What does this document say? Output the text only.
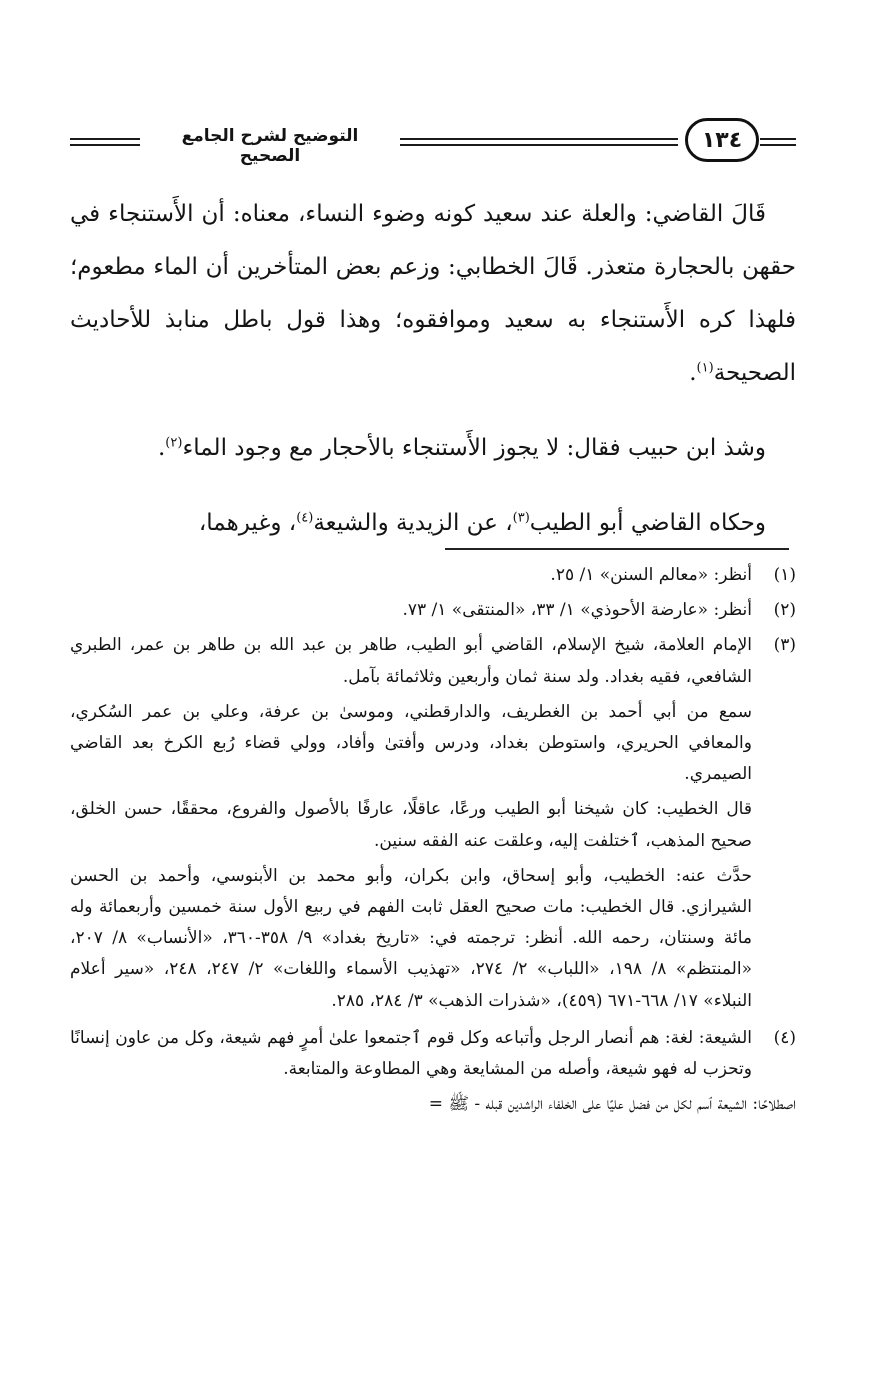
التوضيح لشرح الجامع الصحيح
١٣٤

قَالَ القاضي: والعلة عند سعيد كونه وضوء النساء، معناه: أن الأَستنجاء في حقهن بالحجارة متعذر. قَالَ الخطابي: وزعم بعض المتأخرين أن الماء مطعوم؛ فلهذا كره الأَستنجاء به سعيد وموافقوه؛ وهذا قول باطل منابذ للأحاديث الصحيحة$^{(١)}$.

وشذ ابن حبيب فقال: لا يجوز الأَستنجاء بالأحجار مع وجود الماء$^{(٢)}$.

وحكاه القاضي أبو الطيب$^{(٣)}$، عن الزيدية والشيعة$^{(٤)}$، وغيرهما،

(١)
أنظر: «معالم السنن» ١/ ٢٥.
(٢)
أنظر: «عارضة الأحوذي» ١/ ٣٣، «المنتقى» ١/ ٧٣.
(٣)
الإمام العلامة، شيخ الإسلام، القاضي أبو الطيب، طاهر بن عبد الله بن طاهر بن عمر، الطبري الشافعي، فقيه بغداد. ولد سنة ثمان وأربعين وثلاثمائة بآمل.
سمع من أبي أحمد بن الغطريف، والدارقطني، وموسىٰ بن عرفة، وعلي بن عمر السُكري، والمعافي الحريري، واستوطن بغداد، ودرس وأفتىٰ وأفاد، وولي قضاء رُبع الكرخ بعد القاضي الصيمري.
قال الخطيب: كان شيخنا أبو الطيب ورعًا، عاقلًا، عارفًا بالأصول والفروع، محققًا، حسن الخلق، صحيح المذهب، ٱختلفت إليه، وعلقت عنه الفقه سنين.
حدَّث عنه: الخطيب، وأبو إسحاق، وابن بكران، وأبو محمد بن الأبنوسي، وأحمد بن الحسن الشيرازي. قال الخطيب: مات صحيح العقل ثابت الفهم في ربيع الأول سنة خمسين وأربعمائة وله مائة وسنتان، رحمه الله. أنظر: ترجمته في: «تاريخ بغداد» ٩/ ٣٥٨-٣٦٠، «الأنساب» ٨/ ٢٠٧، «المنتظم» ٨/ ١٩٨، «اللباب» ٢/ ٢٧٤، «تهذيب الأسماء واللغات» ٢/ ٢٤٧، ٢٤٨، «سير أعلام النبلاء» ١٧/ ٦٦٨-٦٧١ (٤٥٩)، «شذرات الذهب» ٣/ ٢٨٤، ٢٨٥.
(٤)
الشيعة: لغة: هم أنصار الرجل وأتباعه وكل قوم ٱجتمعوا علىٰ أمرٍ فهم شيعة، وكل من عاون إنسانًا وتحزب له فهو شيعة، وأصله من المشايعة وهي المطاوعة والمتابعة.
اصطلاحًا: الشيعة ٱسم لكل من فضل عليًا على الخلفاء الراشدين قبله - ﷺ =
